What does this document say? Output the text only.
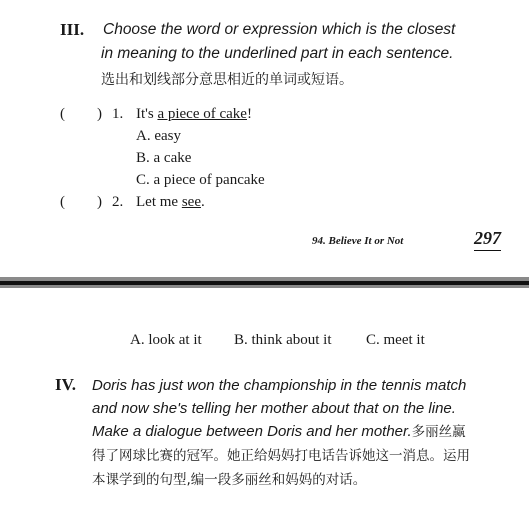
III. Choose the word or expression which is the closest
in meaning to the underlined part in each sentence.
选出和划线部分意思相近的单词或短语。
( ) 1. It's a piece of cake!
A. easy
B. a cake
C. a piece of pancake
( ) 2. Let me see.
94. Believe It or Not	297
A. look at it B. think about it C. meet it
IV. Doris has just won the championship in the tennis match and now she's telling her mother about that on the line. Make a dialogue between Doris and her mother.多丽丝赢得了网球比赛的冠军。她正给妈妈打电话告诉她这一消息。运用本课学到的句型,编一段多丽丝和妈妈的对话。
